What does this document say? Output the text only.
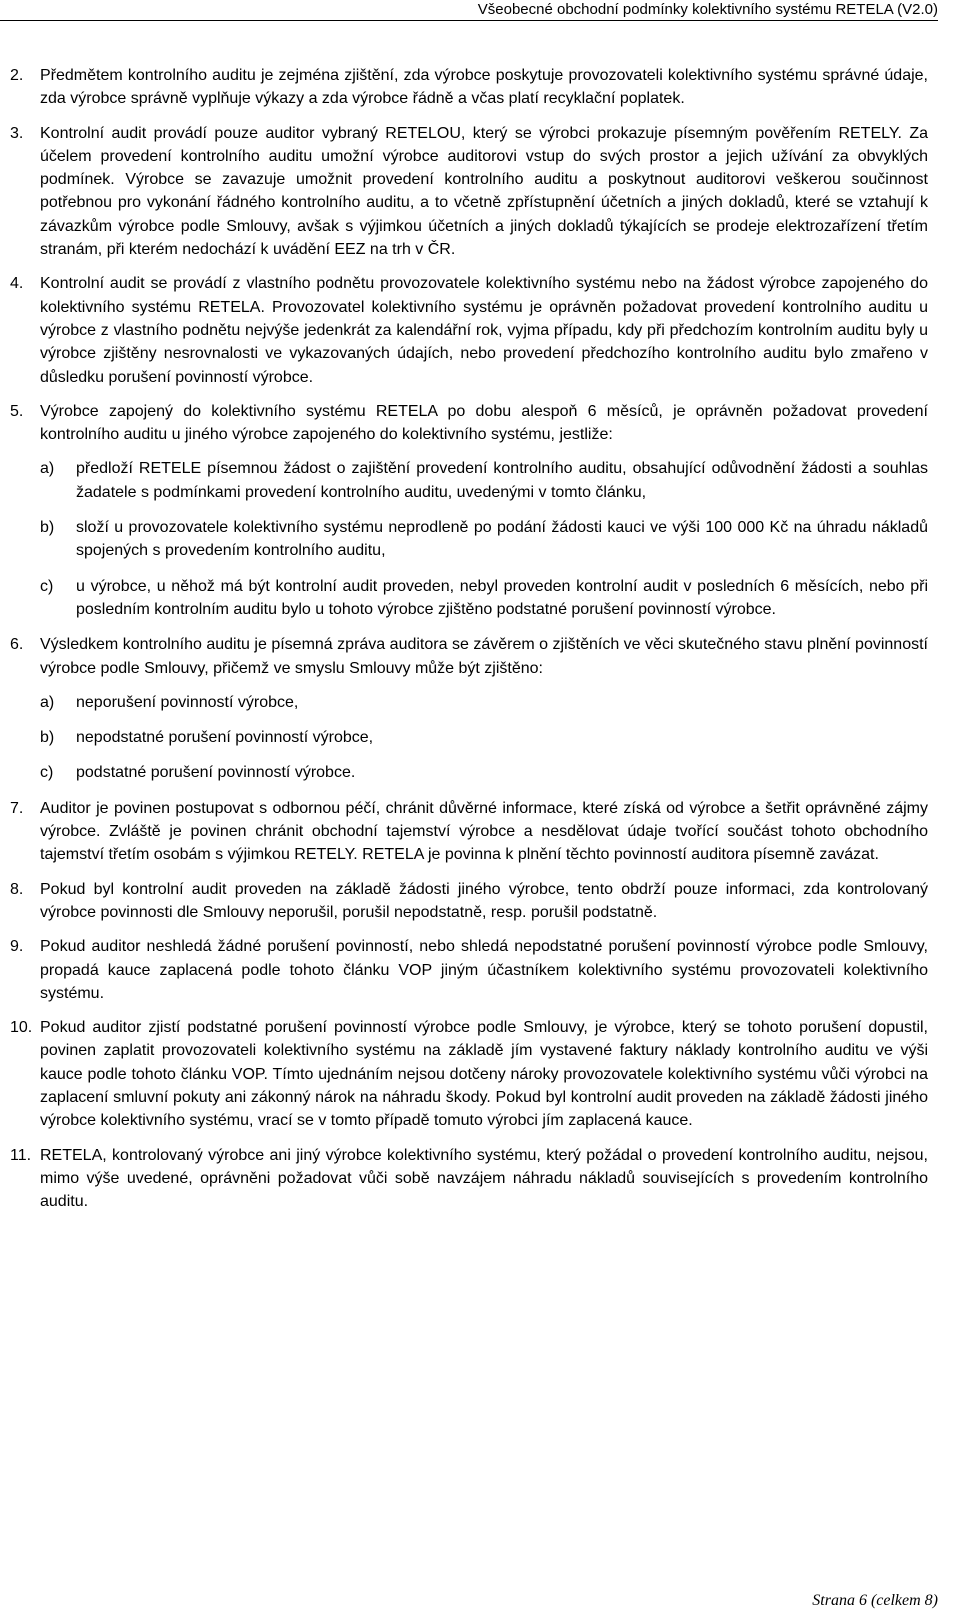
Všeobecné obchodní podmínky kolektivního systému RETELA (V2.0)
2.	Předmětem kontrolního auditu je zejména zjištění, zda výrobce poskytuje provozovateli kolektivního systému správné údaje, zda výrobce správně vyplňuje výkazy a zda výrobce řádně a včas platí recyklační poplatek.
3.	Kontrolní audit provádí pouze auditor vybraný RETELOU, který se výrobci prokazuje písemným pověřením RETELY. Za účelem provedení kontrolního auditu umožní výrobce auditorovi vstup do svých prostor a jejich užívání za obvyklých podmínek. Výrobce se zavazuje umožnit provedení kontrolního auditu a poskytnout auditorovi veškerou součinnost potřebnou pro vykonání řádného kontrolního auditu, a to včetně zpřístupnění účetních a jiných dokladů, které se vztahují k závazkům výrobce podle Smlouvy, avšak s výjimkou účetních a jiných dokladů týkajících se prodeje elektrozařízení třetím stranám, při kterém nedochází k uvádění EEZ na trh v ČR.
4.	Kontrolní audit se provádí z vlastního podnětu provozovatele kolektivního systému nebo na žádost výrobce zapojeného do kolektivního systému RETELA. Provozovatel kolektivního systému je oprávněn požadovat provedení kontrolního auditu u výrobce z vlastního podnětu nejvýše jedenkrát za kalendářní rok, vyjma případu, kdy při předchozím kontrolním auditu byly u výrobce zjištěny nesrovnalosti ve vykazovaných údajích, nebo provedení předchozího kontrolního auditu bylo zmařeno v důsledku porušení povinností výrobce.
5.	Výrobce zapojený do kolektivního systému RETELA po dobu alespoň 6 měsíců, je oprávněn požadovat provedení kontrolního auditu u jiného výrobce zapojeného do kolektivního systému, jestliže:
a)	předloží RETELE písemnou žádost o zajištění provedení kontrolního auditu, obsahující odůvodnění žádosti a souhlas žadatele s podmínkami provedení kontrolního auditu, uvedenými v tomto článku,
b)	složí u provozovatele kolektivního systému neprodleně po podání žádosti kauci ve výši 100 000 Kč na úhradu nákladů spojených s provedením kontrolního auditu,
c)	u výrobce, u něhož má být kontrolní audit proveden, nebyl proveden kontrolní audit v posledních 6 měsících, nebo při posledním kontrolním auditu bylo u tohoto výrobce zjištěno podstatné porušení povinností výrobce.
6.	Výsledkem kontrolního auditu je písemná zpráva auditora se závěrem o zjištěních ve věci skutečného stavu plnění povinností výrobce podle Smlouvy, přičemž ve smyslu Smlouvy může být zjištěno:
a)	neporušení povinností výrobce,
b)	nepodstatné porušení povinností výrobce,
c)	podstatné porušení povinností výrobce.
7.	Auditor je povinen postupovat s odbornou péčí, chránit důvěrné informace, které získá od výrobce a šetřit oprávněné zájmy výrobce. Zvláště je povinen chránit obchodní tajemství výrobce a nesdělovat údaje tvořící součást tohoto obchodního tajemství třetím osobám s výjimkou RETELY. RETELA je povinna k plnění těchto povinností auditora písemně zavázat.
8.	Pokud byl kontrolní audit proveden na základě žádosti jiného výrobce, tento obdrží pouze informaci, zda kontrolovaný výrobce povinnosti dle Smlouvy neporušil, porušil nepodstatně, resp. porušil podstatně.
9.	Pokud auditor neshledá žádné porušení povinností, nebo shledá nepodstatné porušení povinností výrobce podle Smlouvy, propadá kauce zaplacená podle tohoto článku VOP jiným účastníkem kolektivního systému provozovateli kolektivního systému.
10. Pokud auditor zjistí podstatné porušení povinností výrobce podle Smlouvy, je výrobce, který se tohoto porušení dopustil, povinen zaplatit provozovateli kolektivního systému na základě jím vystavené faktury náklady kontrolního auditu ve výši kauce podle tohoto článku VOP. Tímto ujednáním nejsou dotčeny nároky provozovatele kolektivního systému vůči výrobci na zaplacení smluvní pokuty ani zákonný nárok na náhradu škody. Pokud byl kontrolní audit proveden na základě žádosti jiného výrobce kolektivního systému, vrací se v tomto případě tomuto výrobci jím zaplacená kauce.
11. RETELA, kontrolovaný výrobce ani jiný výrobce kolektivního systému, který požádal o provedení kontrolního auditu, nejsou, mimo výše uvedené, oprávněni požadovat vůči sobě navzájem náhradu nákladů souvisejících s provedením kontrolního auditu.
Strana 6 (celkem 8)
